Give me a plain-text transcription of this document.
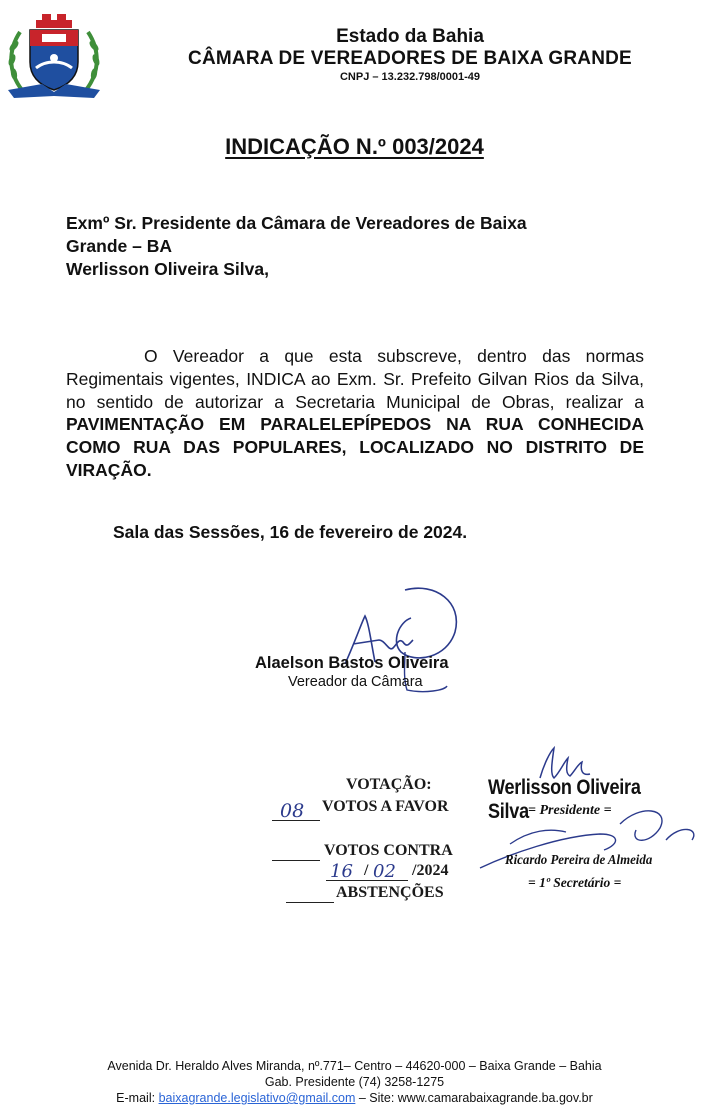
Estado da Bahia
CÂMARA DE VEREADORES DE BAIXA GRANDE
CNPJ – 13.232.798/0001-49
INDICAÇÃO N.º 003/2024
Exmº Sr. Presidente da Câmara de Vereadores de Baixa
Grande – BA
Werlisson Oliveira Silva,
O Vereador a que esta subscreve, dentro das normas Regimentais vigentes, INDICA ao Exm. Sr. Prefeito Gilvan Rios da Silva, no sentido de autorizar a Secretaria Municipal de Obras, realizar a PAVIMENTAÇÃO EM PARALELEPÍPEDOS NA RUA CONHECIDA COMO RUA DAS POPULARES, LOCALIZADO NO DISTRITO DE VIRAÇÃO.
Sala das Sessões, 16 de fevereiro de 2024.
Alaelson Bastos Oliveira
Vereador da Câmara
VOTAÇÃO:
08 VOTOS A FAVOR
VOTOS CONTRA
16 / 02 /2024
ABSTENÇÕES
Werlisson Oliveira Silva = Presidente =
Ricardo Pereira de Almeida
= 1º Secretário =
Avenida Dr. Heraldo Alves Miranda, nº.771– Centro – 44620-000 – Baixa Grande – Bahia
Gab. Presidente (74) 3258-1275
E-mail: baixagrande.legislativo@gmail.com – Site: www.camarabaixagrande.ba.gov.br
